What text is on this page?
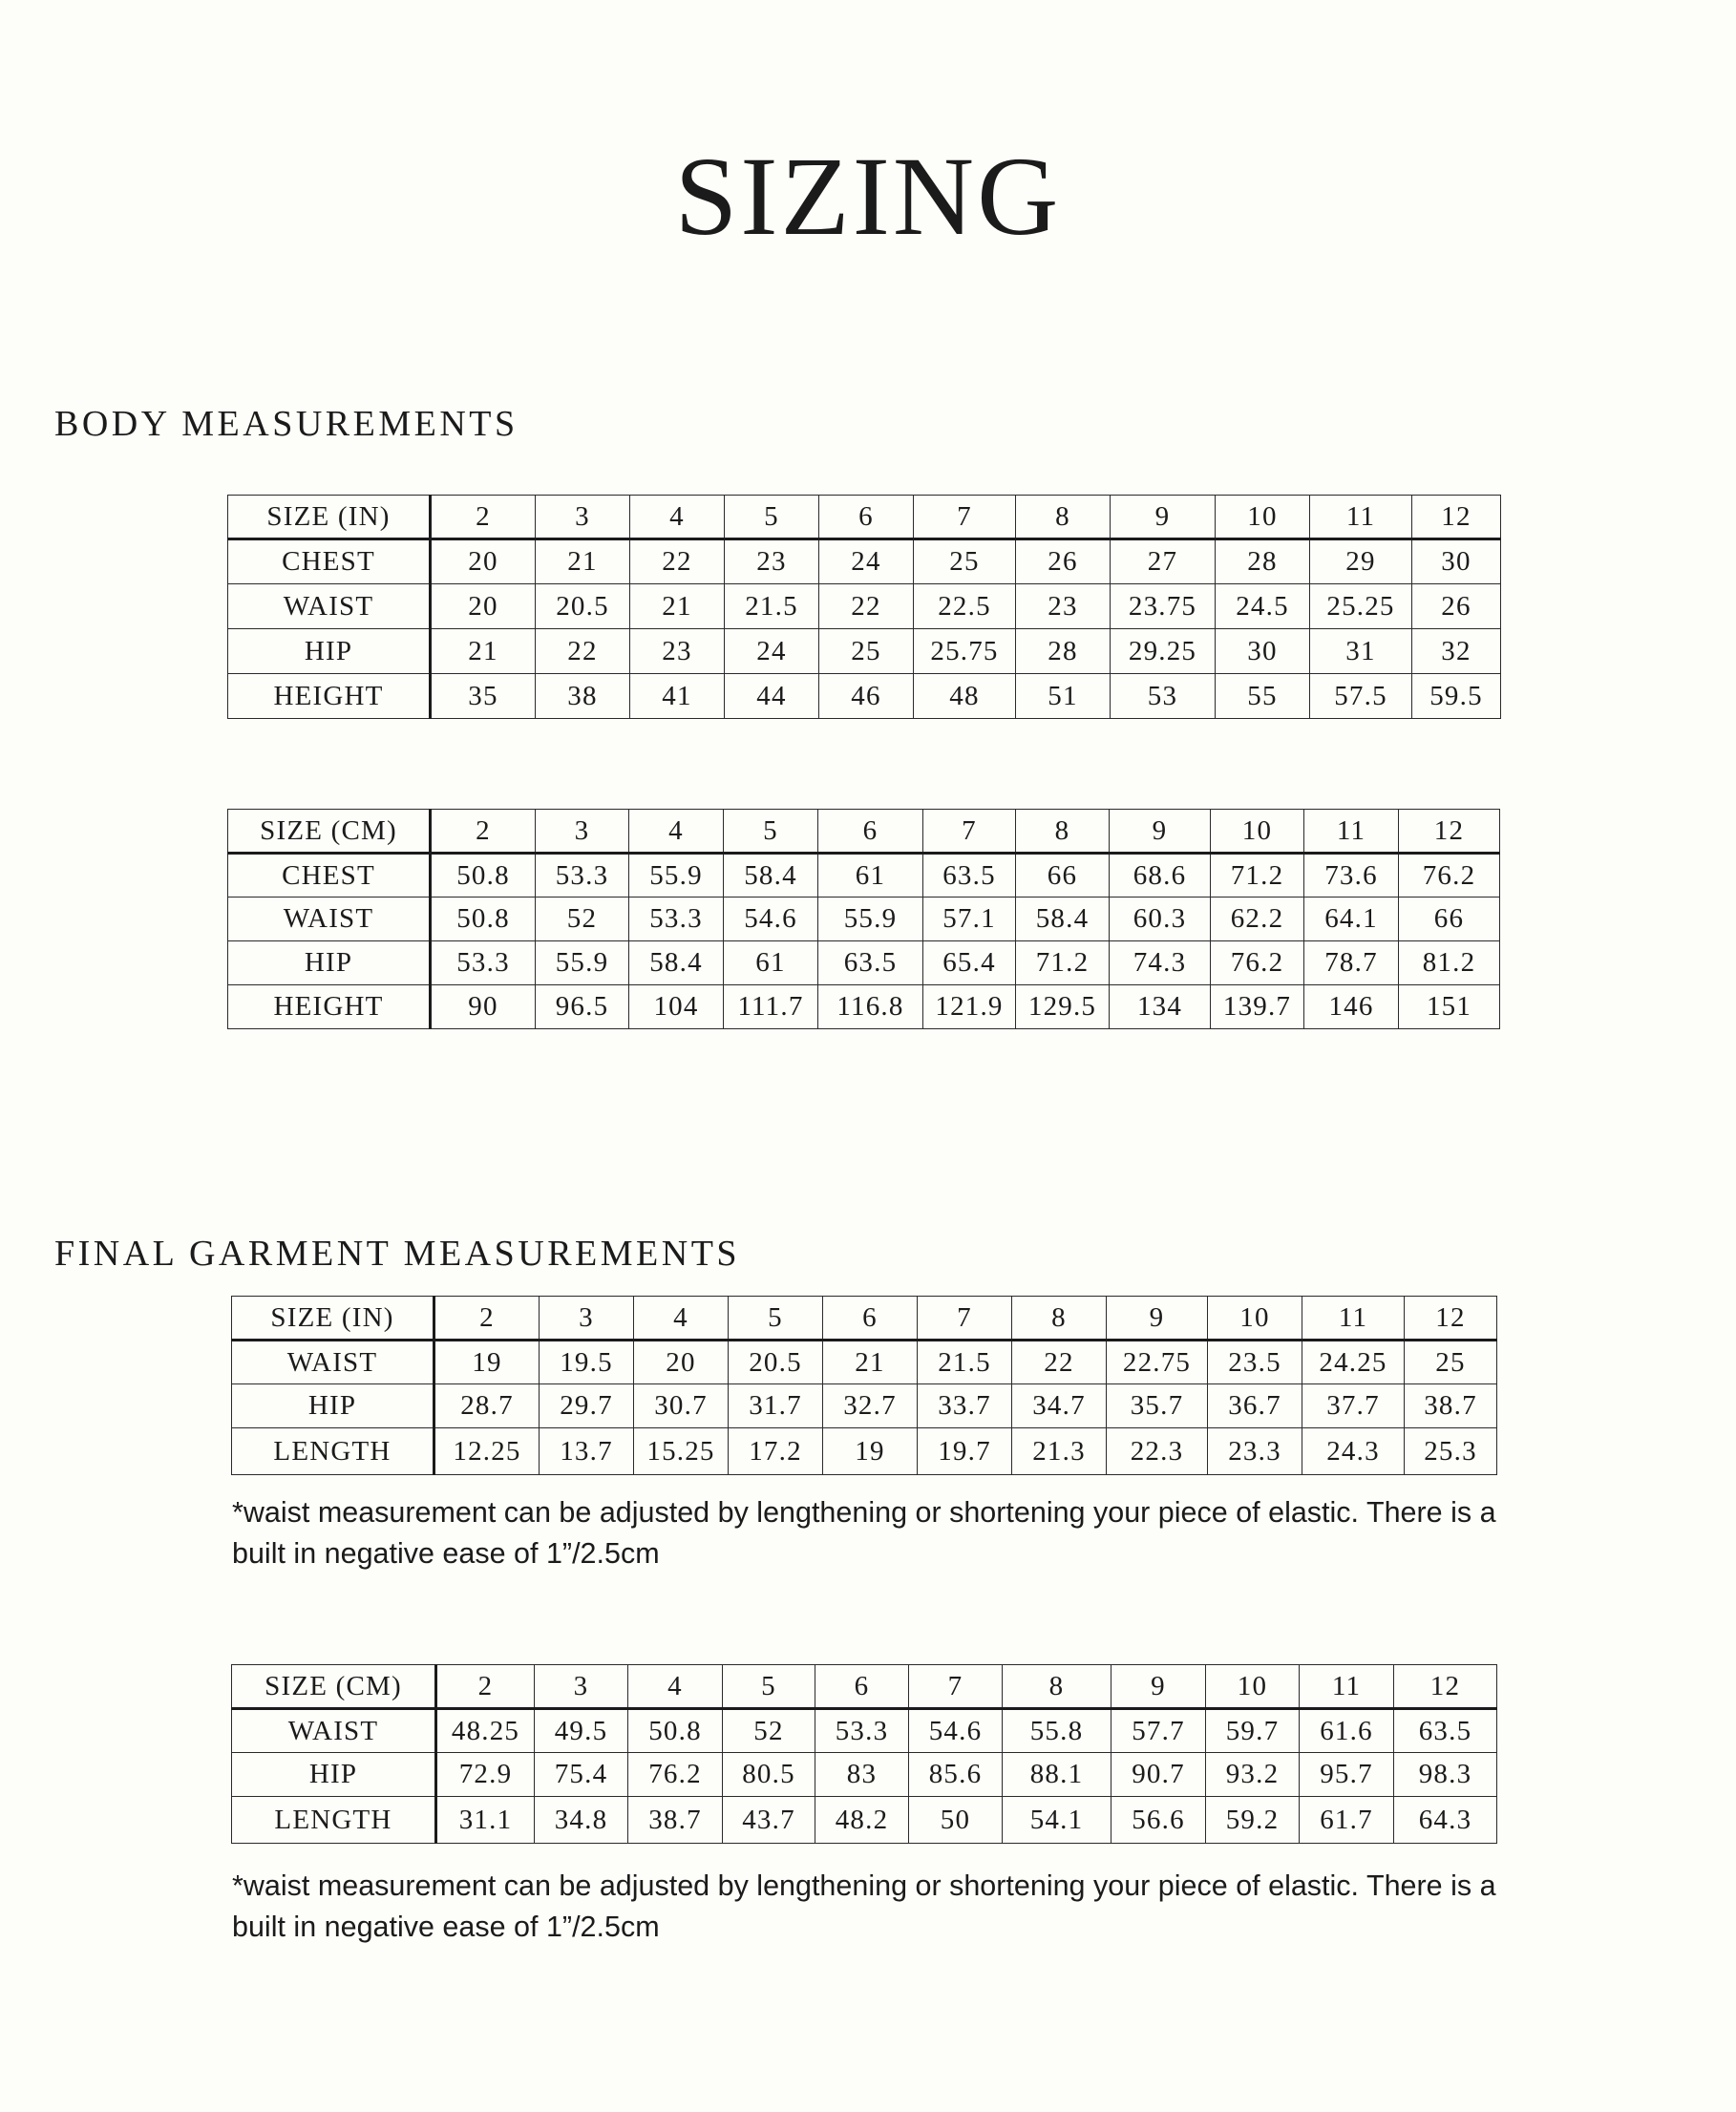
SIZING
BODY MEASUREMENTS
SIZE (IN)	2	3	4	5	6	7	8	9	10	11	12
CHEST	20	21	22	23	24	25	26	27	28	29	30
WAIST	20	20.5	21	21.5	22	22.5	23	23.75	24.5	25.25	26
HIP	21	22	23	24	25	25.75	28	29.25	30	31	32
HEIGHT	35	38	41	44	46	48	51	53	55	57.5	59.5
SIZE (CM)	2	3	4	5	6	7	8	9	10	11	12
CHEST	50.8	53.3	55.9	58.4	61	63.5	66	68.6	71.2	73.6	76.2
WAIST	50.8	52	53.3	54.6	55.9	57.1	58.4	60.3	62.2	64.1	66
HIP	53.3	55.9	58.4	61	63.5	65.4	71.2	74.3	76.2	78.7	81.2
HEIGHT	90	96.5	104	111.7	116.8	121.9	129.5	134	139.7	146	151
FINAL GARMENT MEASUREMENTS
SIZE (IN)	2	3	4	5	6	7	8	9	10	11	12
WAIST	19	19.5	20	20.5	21	21.5	22	22.75	23.5	24.25	25
HIP	28.7	29.7	30.7	31.7	32.7	33.7	34.7	35.7	36.7	37.7	38.7
LENGTH	12.25	13.7	15.25	17.2	19	19.7	21.3	22.3	23.3	24.3	25.3
*waist measurement can be adjusted by lengthening or shortening your piece of elastic. There is a built in negative ease of 1”/2.5cm
SIZE (CM)	2	3	4	5	6	7	8	9	10	11	12
WAIST	48.25	49.5	50.8	52	53.3	54.6	55.8	57.7	59.7	61.6	63.5
HIP	72.9	75.4	76.2	80.5	83	85.6	88.1	90.7	93.2	95.7	98.3
LENGTH	31.1	34.8	38.7	43.7	48.2	50	54.1	56.6	59.2	61.7	64.3
*waist measurement can be adjusted by lengthening or shortening your piece of elastic. There is a built in negative ease of 1”/2.5cm
